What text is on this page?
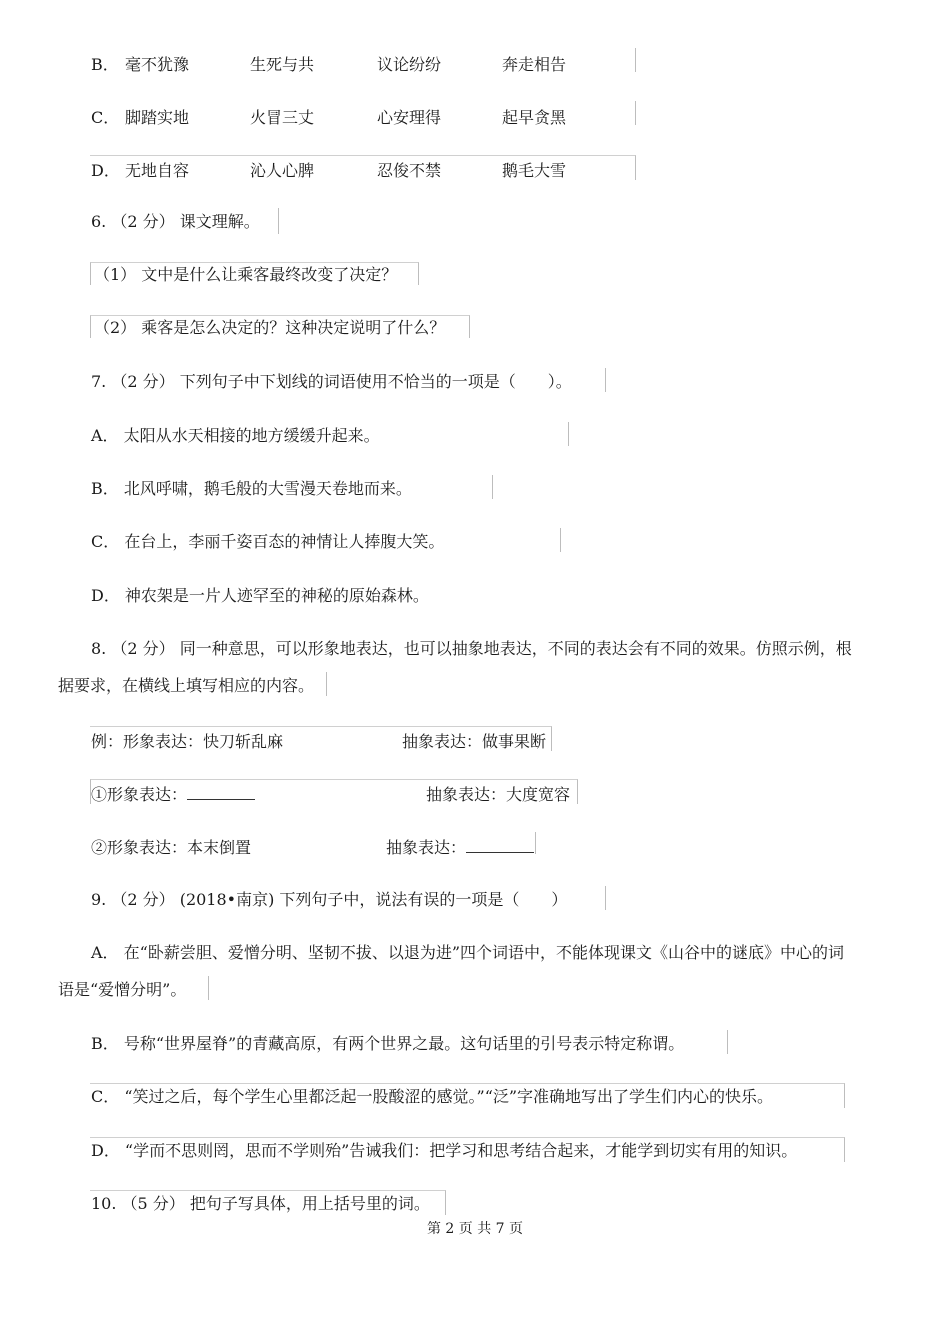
B． 毫不犹豫	生死与共	议论纷纷	奔走相告
C． 脚踏实地	火冒三丈	心安理得	起早贪黑
D． 无地自容	沁人心脾	忍俊不禁	鹅毛大雪
6. （2 分） 课文理解。
（1） 文中是什么让乘客最终改变了决定？
（2） 乘客是怎么决定的？这种决定说明了什么？
7. （2 分） 下列句子中下划线的词语使用不恰当的一项是（　　）。
A． 太阳从水天相接的地方缓缓升起来。
B． 北风呼啸，鹅毛般的大雪漫天卷地而来。
C． 在台上，李丽千姿百态的神情让人捧腹大笑。
D． 神农架是一片人迹罕至的神秘的原始森林。
8. （2 分） 同一种意思，可以形象地表达，也可以抽象地表达，不同的表达会有不同的效果。仿照示例，根
据要求，在横线上填写相应的内容。
例：形象表达：快刀斩乱麻	抽象表达：做事果断
①形象表达：	抽象表达：大度宽容
②形象表达：本末倒置	抽象表达：
9. （2 分） (2018•南京) 下列句子中，说法有误的一项是（　　）
A． 在“卧薪尝胆、爱憎分明、坚韧不拔、以退为进”四个词语中，不能体现课文《山谷中的谜底》中心的词
语是“爱憎分明”。
B． 号称“世界屋脊”的青藏高原，有两个世界之最。这句话里的引号表示特定称谓。
C． “笑过之后，每个学生心里都泛起一股酸涩的感觉。”“泛”字准确地写出了学生们内心的快乐。
D． “学而不思则罔，思而不学则殆”告诫我们：把学习和思考结合起来，才能学到切实有用的知识。
10. （5 分） 把句子写具体，用上括号里的词。
第 2 页 共 7 页
